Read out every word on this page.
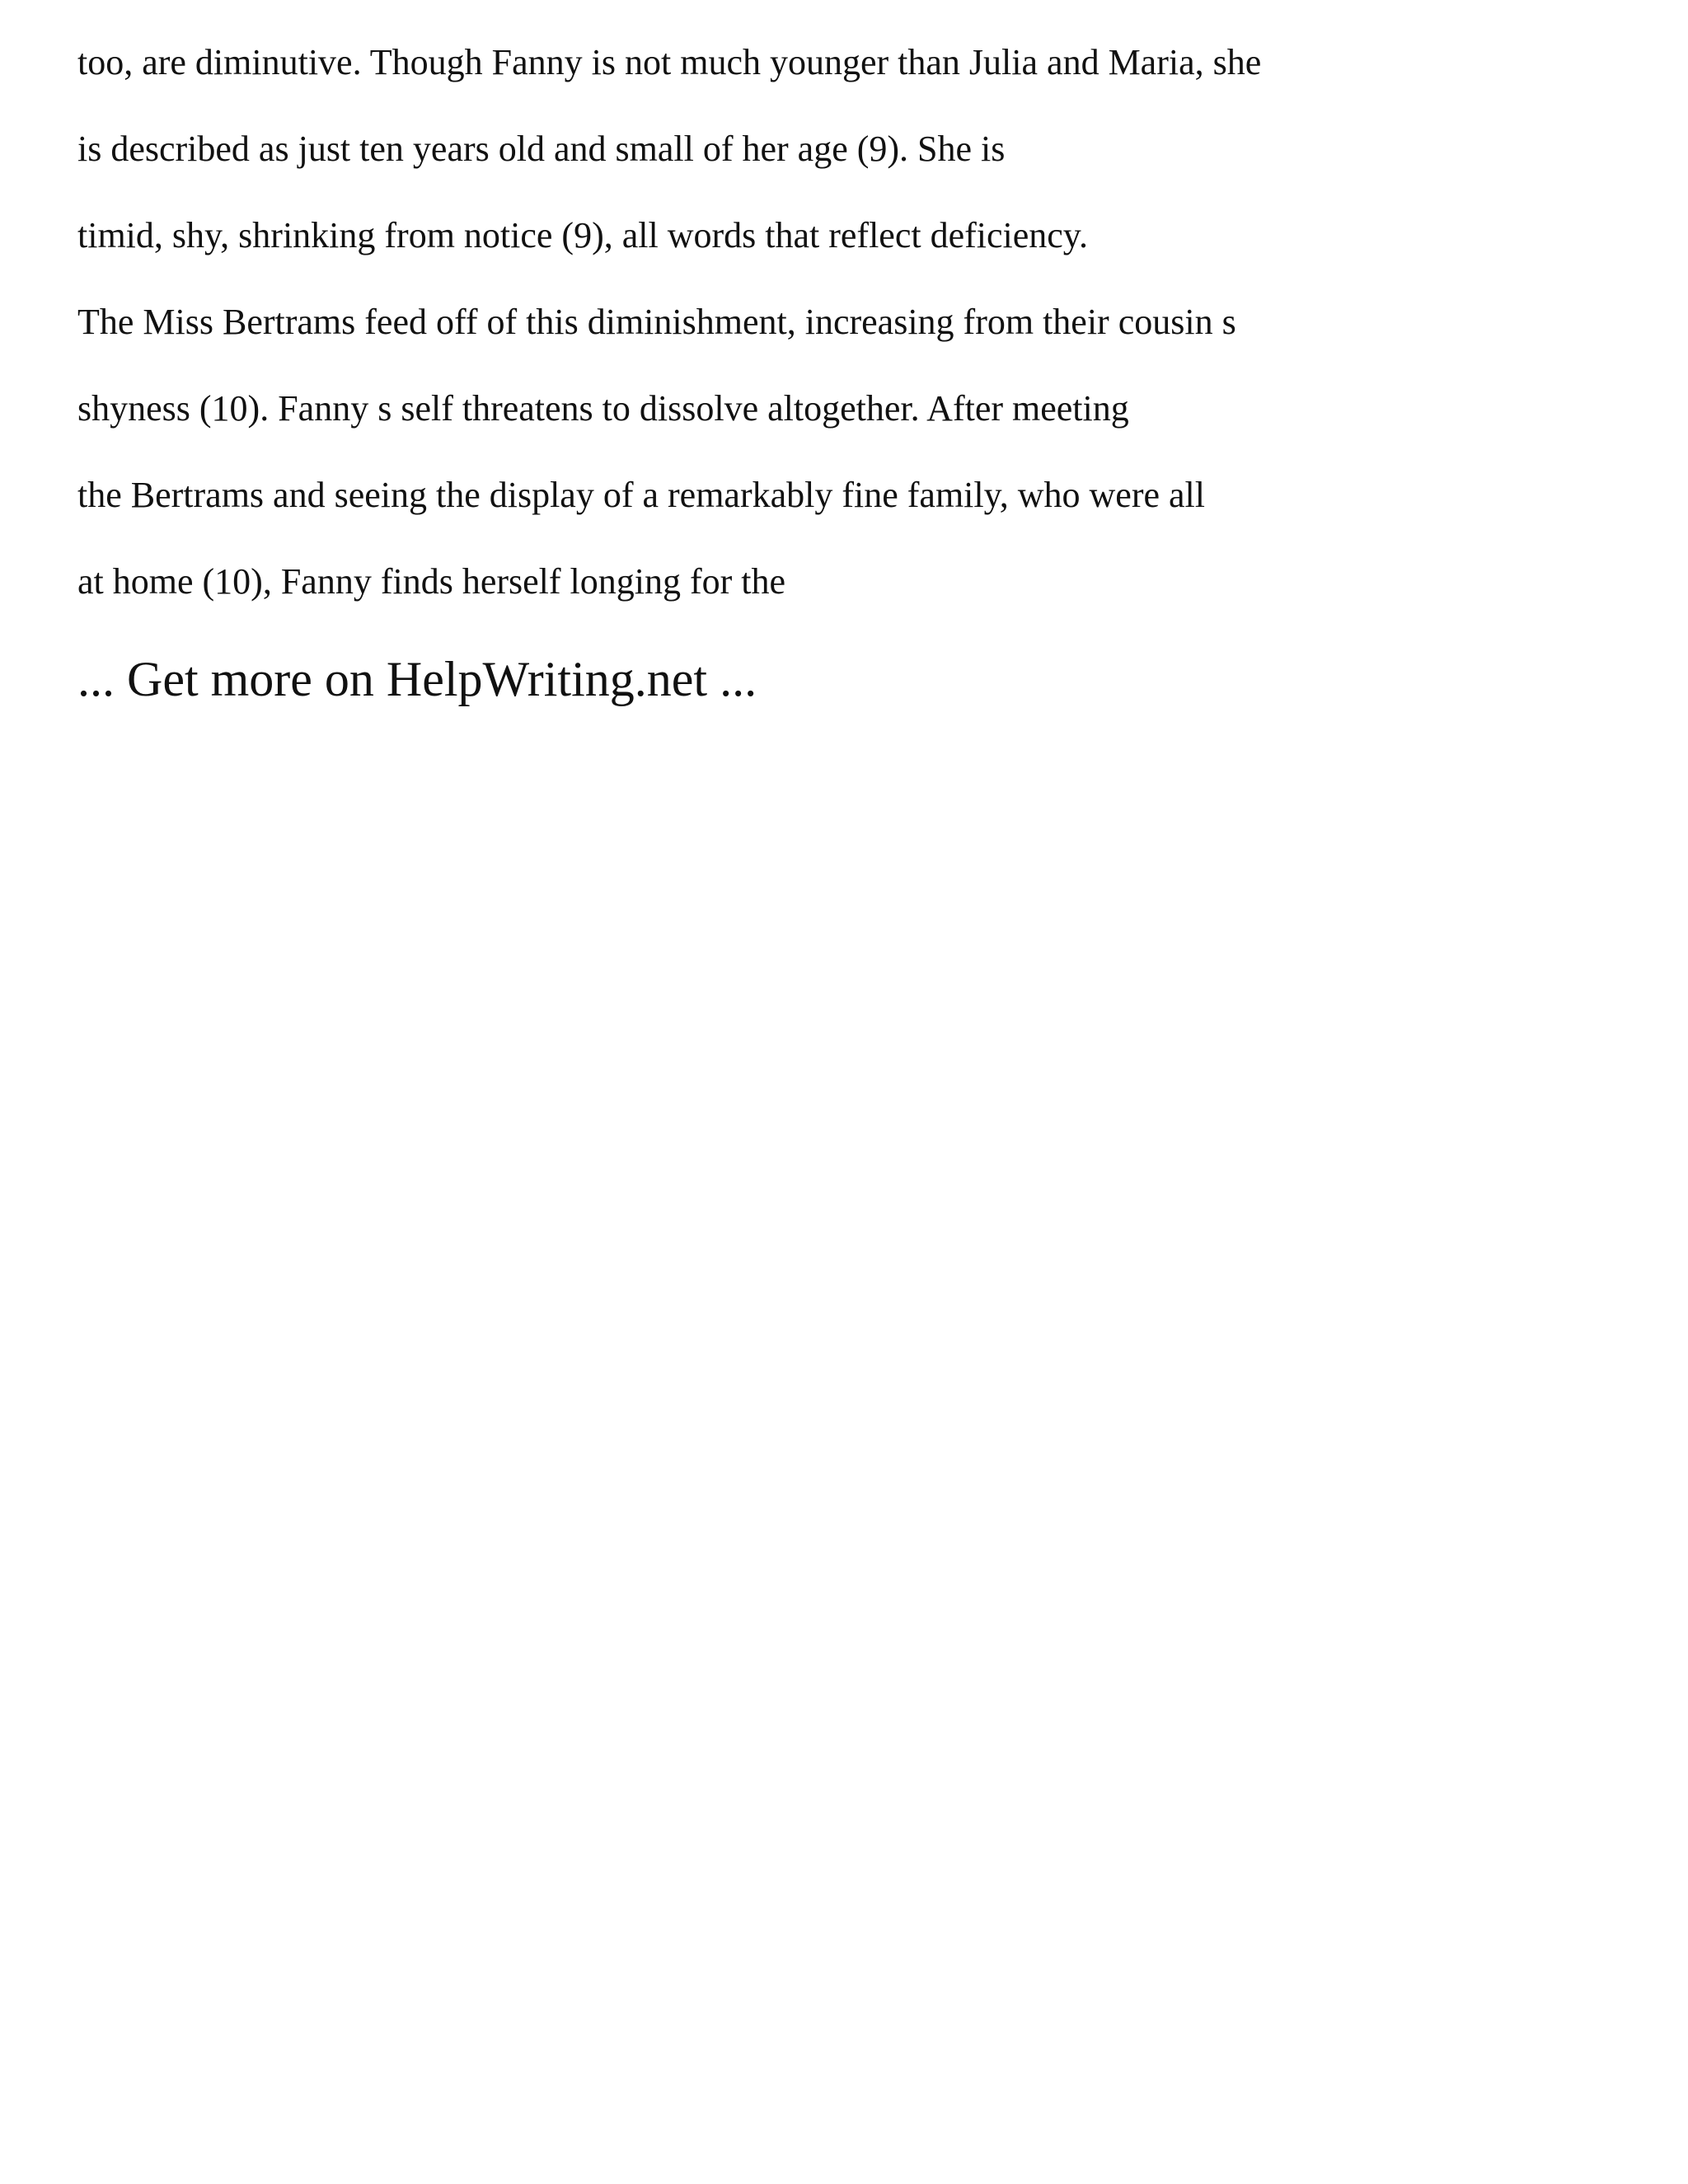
too, are diminutive. Though Fanny is not much younger than Julia and Maria, she
is described as just ten years old and small of her age (9). She is
timid, shy, shrinking from notice (9), all words that reflect deficiency.
The Miss Bertrams feed off of this diminishment, increasing from their cousin s
shyness (10). Fanny s self threatens to dissolve altogether. After meeting
the Bertrams and seeing the display of a remarkably fine family, who were all
at home (10), Fanny finds herself longing for the
... Get more on HelpWriting.net ...
